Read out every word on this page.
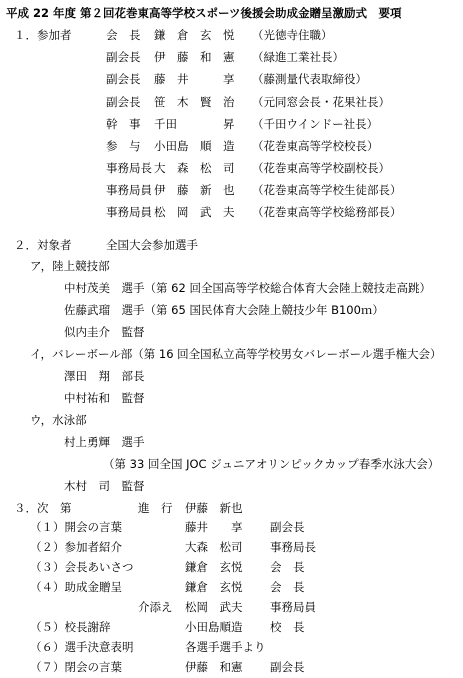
平成 22 年度 第２回花巻東高等学校スポーツ後援会助成金贈呈激励式　要項
１．参加者	会　長 鎌　倉　玄　悦 （光徳寺住職）
副会長 伊　藤　和　憲 （緑進工業社長）
副会長 藤　井　　　享 （藤測量代表取締役）
副会長 笹　木　賢　治 （元同窓会長・花果社長）
幹　事 千田　　　　昇 （千田ウインドー社長）
参　与 小田島　順　造 （花巻東高等学校校長）
事務局長 大　森　松　司 （花巻東高等学校副校長）
事務局員 伊　藤　新　也 （花巻東高等学校生徒部長）
事務局員 松　岡　武　夫 （花巻東高等学校総務部長）
２．対象者	全国大会参加選手
ア，陸上競技部
中村茂美　選手（第 62 回全国高等学校総合体育大会陸上競技走高跳）
佐藤武瑠　選手（第 65 国民体育大会陸上競技少年 B100ｍ）
似内圭介　監督
イ，バレーボール部（第 16 回全国私立高等学校男女バレーボール選手権大会）
澤田　翔　部長
中村祐和　監督
ウ，水泳部
村上勇輝　選手
（第 33 回全国 JOC ジュニアオリンピックカップ春季水泳大会）
木村　司　監督
３．次　第	進　行 伊藤　新也
（１）開会の言葉	藤井　　享 副会長
（２）参加者紹介	大森　松司 事務局長
（３）会長あいさつ	鎌倉　玄悦 会　長
（４）助成金贈呈	鎌倉　玄悦 会　長
介添え 松岡　武夫 事務局員
（５）校長謝辞	小田島順造 校　長
（６）選手決意表明	各選手選手より
（７）閉会の言葉	伊藤　和憲 副会長
